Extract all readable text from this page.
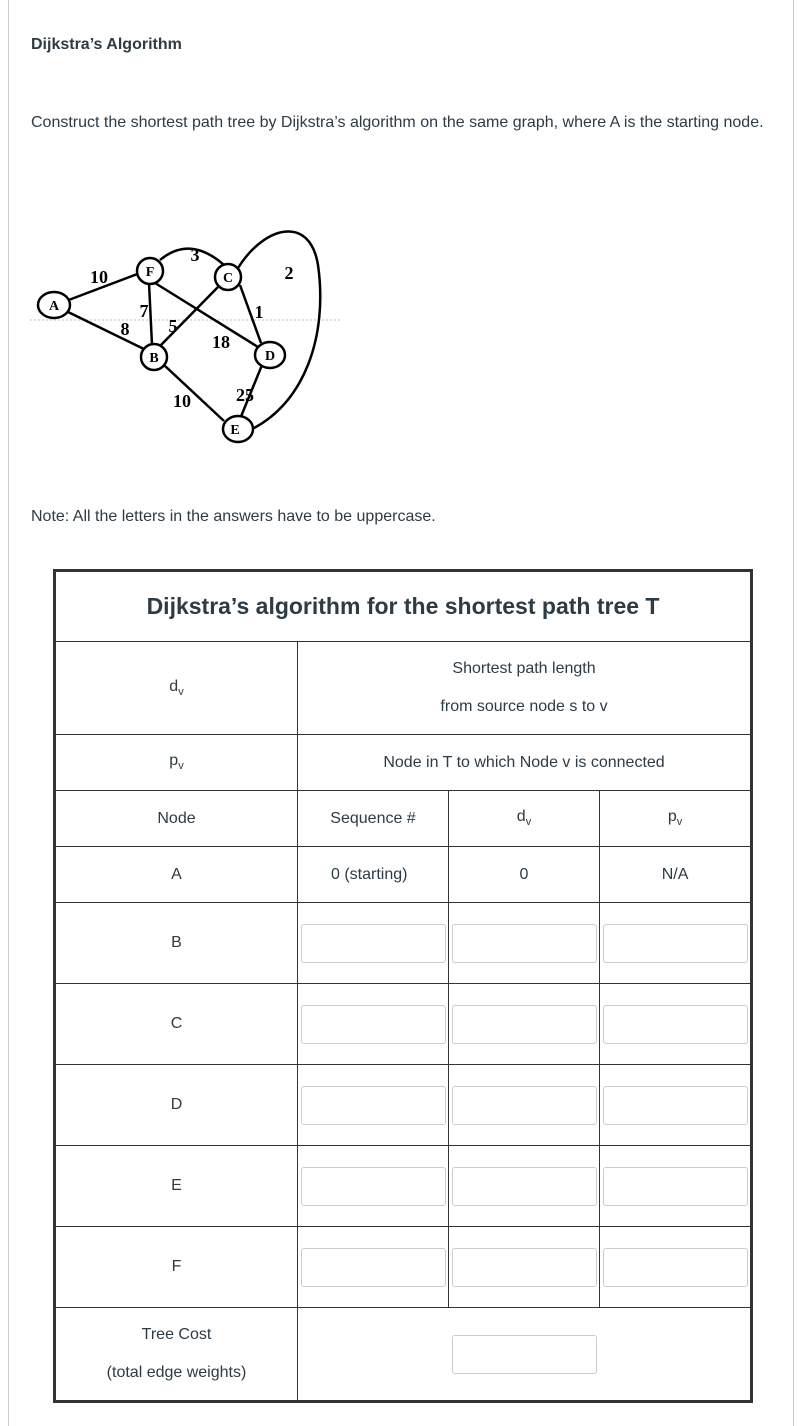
Dijkstra’s Algorithm
Construct the shortest path tree by Dijkstra’s algorithm on the same graph, where A is the starting node.
A
F	C
B	D
E
10
3
2
7
8 5
18
1
10	25
Note: All the letters in the answers have to be uppercase.
Dijkstra’s algorithm for the shortest path tree T			
$d_v$	Shortest path length
from source node s to v		

$p_v$	Node in T to which Node v is connected		
Node	Sequence #	$d_v$	$p_v$
A	0 (starting)	0	N/A
B	

C	

D	

E	

F	

Tree Cost
(total edge weights)
